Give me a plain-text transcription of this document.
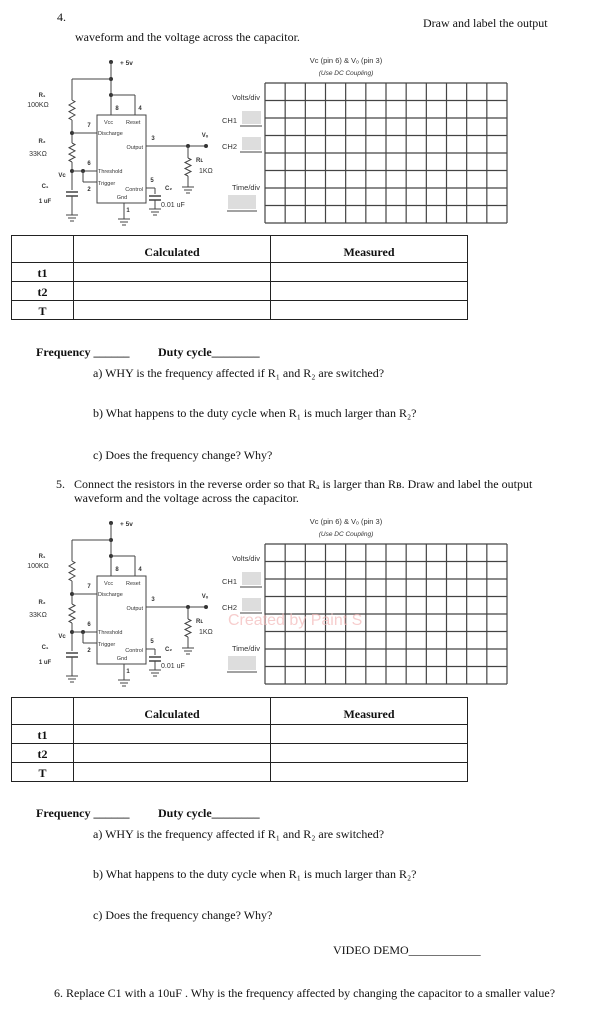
4.	Draw and label the output
waveform and the voltage across the capacitor.
+ 5v
R₁
100KΩ
R₂
33KΩ
Vᴄ
C₁
1 uF
8	4
7
3
6
2
5
1
Vcc Reset
Discharge
Output
Threshold
Trigger
Control
Gnd
Vₒ
Rʟ
1KΩ
C₂
0.01 uF
Volts/div
CH1
CH2
Time/div
Vᴄ (pin 6) & Vₒ (pin 3)
(Use DC Coupling)
	Calculated	Measured
t1		
t2		
T		
Frequency ______ Duty cycle________
a) WHY is the frequency affected if R₁ and R₂ are switched?
b) What happens to the duty cycle when R₁ is much larger than R₂?
c) Does the frequency change? Why?
5. Connect the resistors in the reverse order so that Rₐ is larger than Rʙ. Draw and label the output
waveform and the voltage across the capacitor.
+ 5v
R₁
100KΩ
R₂
33KΩ
Vᴄ
C₁
1 uF
8	4
7
3
6
2
5
1
Vcc Reset
Discharge
Output
Threshold
Trigger
Control
Gnd
Vₒ
Rʟ
1KΩ
C₂
0.01 uF
Volts/div
CH1
CH2
Time/div
Vᴄ (pin 6) & Vₒ (pin 3)
(Use DC Coupling)
Created by Paint S
	Calculated	Measured
t1		
t2		
T		
Frequency ______ Duty cycle________
a) WHY is the frequency affected if R₁ and R₂ are switched?
b) What happens to the duty cycle when R₁ is much larger than R₂?
c) Does the frequency change? Why?
VIDEO DEMO____________
6. Replace C1 with a 10uF . Why is the frequency affected by changing the capacitor to a smaller value?
